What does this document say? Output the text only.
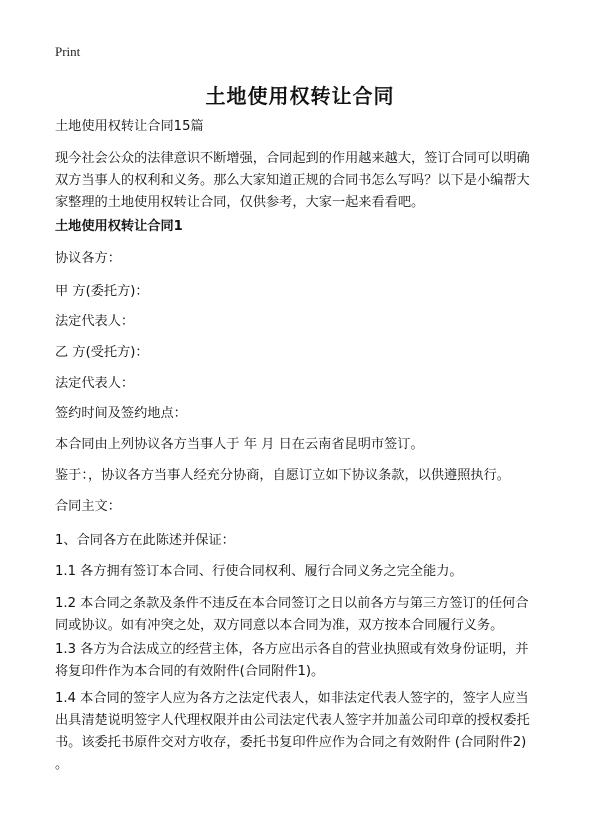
Print
土地使用权转让合同

土地使用权转让合同15篇

现今社会公众的法律意识不断增强，合同起到的作用越来越大，签订合同可以明确
双方当事人的权利和义务。那么大家知道正规的合同书怎么写吗？以下是小编帮大
家整理的土地使用权转让合同，仅供参考，大家一起来看看吧。

土地使用权转让合同1

协议各方：

甲 方(委托方)：

法定代表人：

乙 方(受托方)：

法定代表人：

签约时间及签约地点：

本合同由上列协议各方当事人于 年 月 日在云南省昆明市签订。

鉴于：，协议各方当事人经充分协商，自愿订立如下协议条款，以供遵照执行。

合同主文：

1、合同各方在此陈述并保证：

1.1 各方拥有签订本合同、行使合同权利、履行合同义务之完全能力。

1.2 本合同之条款及条件不违反在本合同签订之日以前各方与第三方签订的任何合
同或协议。如有冲突之处，双方同意以本合同为准，双方按本合同履行义务。

1.3 各方为合法成立的经营主体，各方应出示各自的营业执照或有效身份证明，并
将复印件作为本合同的有效附件(合同附件1)。

1.4 本合同的签字人应为各方之法定代表人，如非法定代表人签字的，签字人应当
出具清楚说明签字人代理权限并由公司法定代表人签字并加盖公司印章的授权委托
书。该委托书原件交对方收存，委托书复印件应作为合同之有效附件 (合同附件2)
。
